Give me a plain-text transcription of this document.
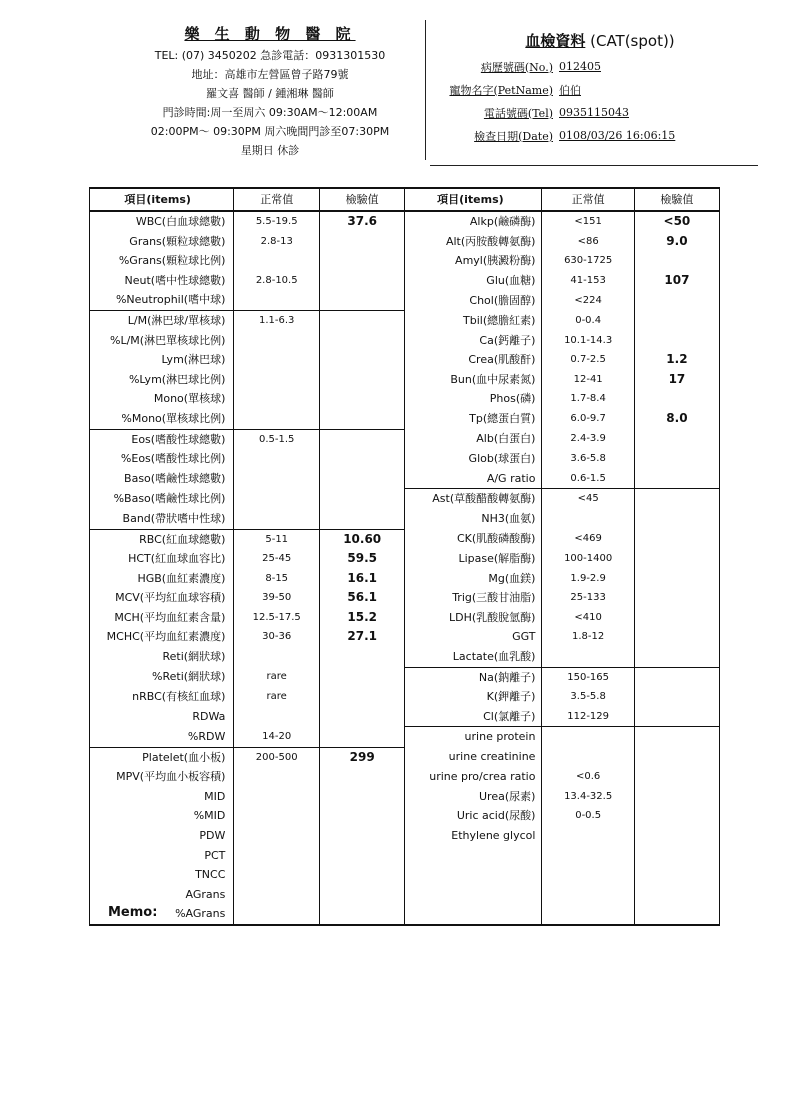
樂 生 動 物 醫 院
TEL: (07) 3450202 急診電話：0931301530
地址：高雄市左營區曾子路79號
羅文喜 醫師 / 鍾湘琳 醫師
門診時間:周一至周六 09:30AM～12:00AM
02:00PM～ 09:30PM 周六晚間門診至07:30PM
星期日 休診
血檢資料 (CAT(spot))
病歷號碼(No.) 012405
寵物名字(PetName) 伯伯
電話號碼(Tel) 0935115043
檢查日期(Date) 0108/03/26 16:06:15
項目(items)	正常值	檢驗值	項目(items)	正常值	檢驗值
WBC(白血球總數)	5.5-19.5	37.6	Alkp(鹼磷酶)	<151	<50
Grans(顆粒球總數)	2.8-13		Alt(丙胺酸轉氨酶)	<86	9.0
%Grans(顆粒球比例)			Amyl(胰澱粉酶)	630-1725	
Neut(嗜中性球總數)	2.8-10.5		Glu(血糖)	41-153	107
%Neutrophil(嗜中球)			Chol(膽固醇)	<224	
L/M(淋巴球/單核球)	1.1-6.3		Tbil(總膽紅素)	0-0.4	
%L/M(淋巴單核球比例)			Ca(鈣離子)	10.1-14.3	
Lym(淋巴球)			Crea(肌酸酐)	0.7-2.5	1.2
%Lym(淋巴球比例)			Bun(血中尿素氮)	12-41	17
Mono(單核球)			Phos(磷)	1.7-8.4	
%Mono(單核球比例)			Tp(總蛋白質)	6.0-9.7	8.0
Eos(嗜酸性球總數)	0.5-1.5		Alb(白蛋白)	2.4-3.9	
%Eos(嗜酸性球比例)			Glob(球蛋白)	3.6-5.8	
Baso(嗜鹼性球總數)			A/G ratio	0.6-1.5	
%Baso(嗜鹼性球比例)			Ast(草酸醋酸轉氨酶)	<45	
Band(帶狀嗜中性球)			NH3(血氨)		
RBC(紅血球總數)	5-11	10.60	CK(肌酸磷酸酶)	<469	
HCT(紅血球血容比)	25-45	59.5	Lipase(解脂酶)	100-1400	
HGB(血紅素濃度)	8-15	16.1	Mg(血鎂)	1.9-2.9	
MCV(平均紅血球容積)	39-50	56.1	Trig(三酸甘油脂)	25-133	
MCH(平均血紅素含量)	12.5-17.5	15.2	LDH(乳酸脫氫酶)	<410	
MCHC(平均血紅素濃度)	30-36	27.1	GGT	1.8-12	
Reti(網狀球)			Lactate(血乳酸)		
%Reti(網狀球)	rare		Na(鈉離子)	150-165	
nRBC(有核紅血球)	rare		K(鉀離子)	3.5-5.8	
RDWa			Cl(氯離子)	112-129	
%RDW	14-20		urine protein		
Platelet(血小板)	200-500	299	urine creatinine		
MPV(平均血小板容積)			urine pro/crea ratio	<0.6	
MID			Urea(尿素)	13.4-32.5	
%MID			Uric acid(尿酸)	0-0.5	
PDW			Ethylene glycol		
PCT					
TNCC					
AGrans					
%AGrans					
Memo:
